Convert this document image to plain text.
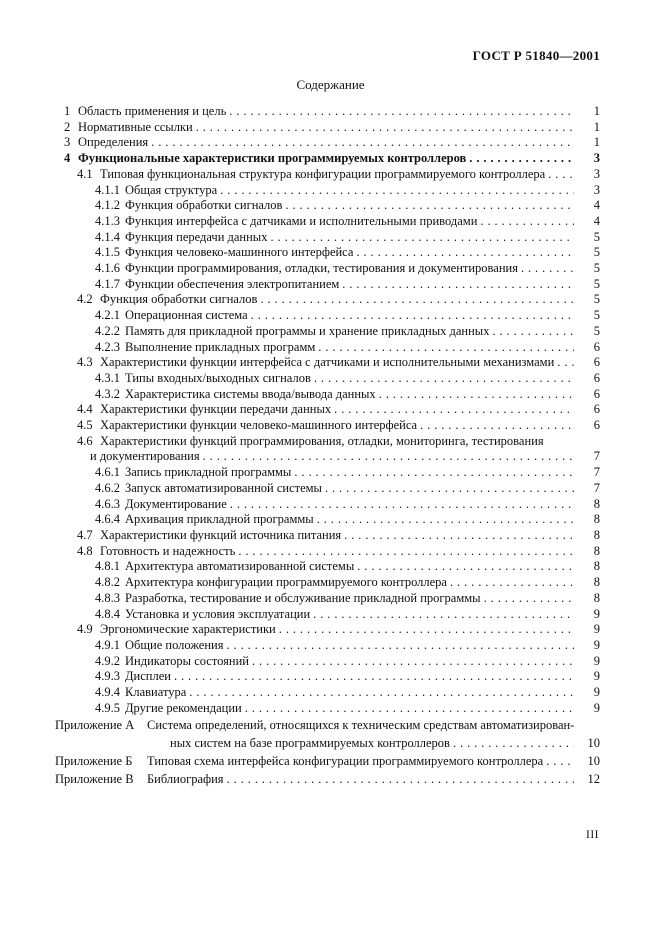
ГОСТ Р 51840—2001
Содержание
1 Область применения и цель . . .	1
2 Нормативные ссылки . . .	1
3 Определения . . .	1
4 Функциональные характеристики программируемых контроллеров . . .	3
4.1 Типовая функциональная структура конфигурации программируемого контроллера . . .	3
4.1.1 Общая структура . . .	3
4.1.2 Функция обработки сигналов . . .	4
4.1.3 Функция интерфейса с датчиками и исполнительными приводами . . .	4
4.1.4 Функция передачи данных . . .	5
4.1.5 Функция человеко-машинного интерфейса . . .	5
4.1.6 Функции программирования, отладки, тестирования и документирования . . .	5
4.1.7 Функции обеспечения электропитанием . . .	5
4.2 Функция обработки сигналов . . .	5
4.2.1 Операционная система . . .	5
4.2.2 Память для прикладной программы и хранение прикладных данных . . .	5
4.2.3 Выполнение прикладных программ . . .	6
4.3 Характеристики функции интерфейса с датчиками и исполнительными механизмами . . .	6
4.3.1 Типы входных/выходных сигналов . . .	6
4.3.2 Характеристика системы ввода/вывода данных . . .	6
4.4 Характеристики функции передачи данных . . .	6
4.5 Характеристики функции человеко-машинного интерфейса . . .	6
4.6 Характеристики функций программирования, отладки, мониторинга, тестирования
и документирования . . .	7
4.6.1 Запись прикладной программы . . .	7
4.6.2 Запуск автоматизированной системы . . .	7
4.6.3 Документирование . . .	8
4.6.4 Архивация прикладной программы . . .	8
4.7 Характеристики функций источника питания . . .	8
4.8 Готовность и надежность . . .	8
4.8.1 Архитектура автоматизированной системы . . .	8
4.8.2 Архитектура конфигурации программируемого контроллера . . .	8
4.8.3 Разработка, тестирование и обслуживание прикладной программы . . .	8
4.8.4 Установка и условия эксплуатации . . .	9
4.9 Эргономические характеристики . . .	9
4.9.1 Общие положения . . .	9
4.9.2 Индикаторы состояний . . .	9
4.9.3 Дисплеи . . .	9
4.9.4 Клавиатура . . .	9
4.9.5 Другие рекомендации . . .	9
Приложение А	Система определений, относящихся к техническим средствам автоматизирован-
ных систем на базе программируемых контроллеров . . .	10
Приложение Б	Типовая схема интерфейса конфигурации программируемого контроллера . . .	10
Приложение В	Библиография . . .	12
III
